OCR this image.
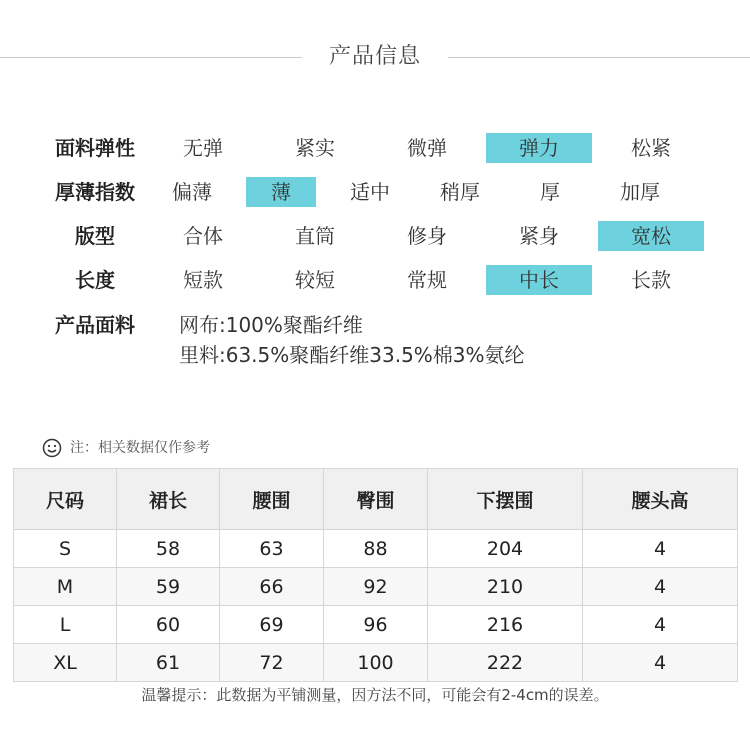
产品信息
面料弹性	无弹	紧实	微弹	弹力	松紧
厚薄指数	偏薄	薄	适中	稍厚	厚	加厚
版型	合体	直筒	修身	紧身	宽松
长度	短款	较短	常规	中长	长款
产品面料	网布:100%聚酯纤维
里料:63.5%聚酯纤维33.5%棉3%氨纶
注：相关数据仅作参考
尺码	裙长	腰围	臀围	下摆围	腰头高
S	58	63	88	204	4
M	59	66	92	210	4
L	60	69	96	216	4
XL	61	72	100	222	4
温馨提示：此数据为平铺测量，因方法不同，可能会有2-4cm的误差。
